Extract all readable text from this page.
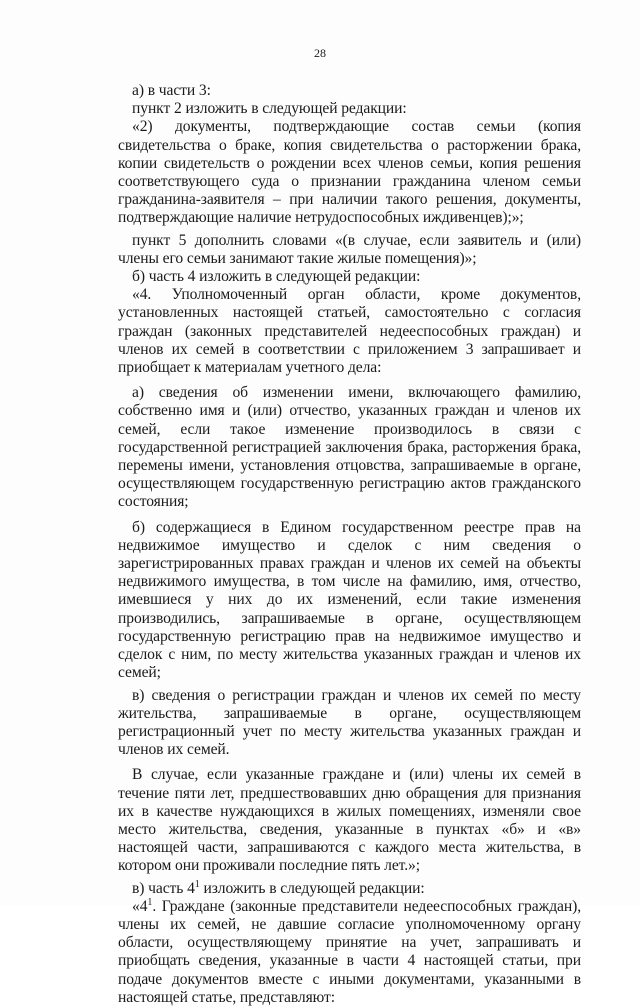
28

а) в части 3:

пункт 2 изложить в следующей редакции:

«2) документы, подтверждающие состав семьи (копия свидетельства о браке, копия свидетельства о расторжении брака, копии свидетельств о рождении всех членов семьи, копия решения соответствующего суда о признании гражданина членом семьи гражданина-заявителя – при наличии такого решения, документы, подтверждающие наличие нетрудоспособных иждивенцев);»;

пункт 5 дополнить словами «(в случае, если заявитель и (или) члены его семьи занимают такие жилые помещения)»;

б) часть 4 изложить в следующей редакции:

«4. Уполномоченный орган области, кроме документов, установленных настоящей статьей, самостоятельно с согласия граждан (законных представителей недееспособных граждан) и членов их семей в соответствии с приложением 3 запрашивает и приобщает к материалам учетного дела:

а) сведения об изменении имени, включающего фамилию, собственно имя и (или) отчество, указанных граждан и членов их семей, если такое изменение производилось в связи с государственной регистрацией заключения брака, расторжения брака, перемены имени, установления отцовства, запрашиваемые в органе, осуществляющем государственную регистрацию актов гражданского состояния;

б) содержащиеся в Едином государственном реестре прав на недвижимое имущество и сделок с ним сведения о зарегистрированных правах граждан и членов их семей на объекты недвижимого имущества, в том числе на фамилию, имя, отчество, имевшиеся у них до их изменений, если такие изменения производились, запрашиваемые в органе, осуществляющем государственную регистрацию прав на недвижимое имущество и сделок с ним, по месту жительства указанных граждан и членов их семей;

в) сведения о регистрации граждан и членов их семей по месту жительства, запрашиваемые в органе, осуществляющем регистрационный учет по месту жительства указанных граждан и членов их семей.

В случае, если указанные граждане и (или) члены их семей в течение пяти лет, предшествовавших дню обращения для признания их в качестве нуждающихся в жилых помещениях, изменяли свое место жительства, сведения, указанные в пунктах «б» и «в» настоящей части, запрашиваются с каждого места жительства, в котором они проживали последние пять лет.»;

в) часть $4^1$ изложить в следующей редакции:

«$4^1$. Граждане (законные представители недееспособных граждан), члены их семей, не давшие согласие уполномоченному органу области, осуществляющему принятие на учет, запрашивать и приобщать сведения, указанные в части 4 настоящей статьи, при подаче документов вместе с иными документами, указанными в настоящей статье, представляют:
